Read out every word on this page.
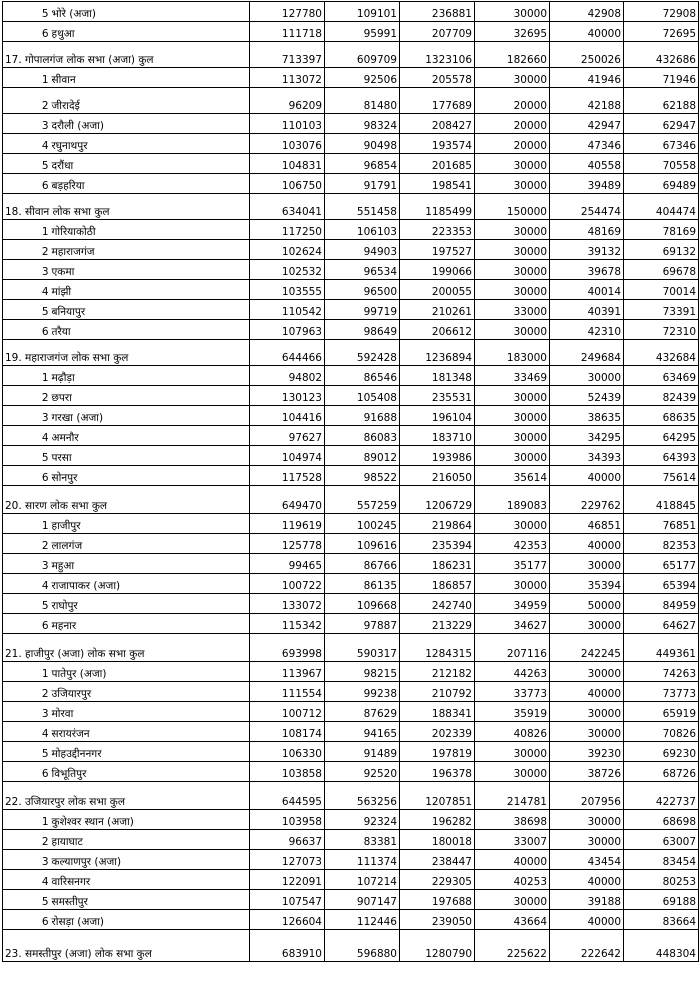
5	भोरे (अजा)	127780	109101	236881	30000	42908	72908
6	हथुआ	111718	95991	207709	32695	40000	72695
17. गोपालगंज लोक सभा (अजा) कुल		713397	609709	1323106	182660	250026	432686
1	सीवान	113072	92506	205578	30000	41946	71946
2	जीरादेई	96209	81480	177689	20000	42188	62188
3	दरौली (अजा)	110103	98324	208427	20000	42947	62947
4	रघुनाथपुर	103076	90498	193574	20000	47346	67346
5	दरौंधा	104831	96854	201685	30000	40558	70558
6	बड़हरिया	106750	91791	198541	30000	39489	69489
18. सीवान लोक सभा कुल		634041	551458	1185499	150000	254474	404474
1	गोरियाकोठी	117250	106103	223353	30000	48169	78169
2	महाराजगंज	102624	94903	197527	30000	39132	69132
3	एकमा	102532	96534	199066	30000	39678	69678
4	मांझी	103555	96500	200055	30000	40014	70014
5	बनियापुर	110542	99719	210261	33000	40391	73391
6	तरैया	107963	98649	206612	30000	42310	72310
19. महाराजगंज लोक सभा कुल		644466	592428	1236894	183000	249684	432684
1	मढ़ौड़ा	94802	86546	181348	33469	30000	63469
2	छपरा	130123	105408	235531	30000	52439	82439
3	गरखा (अजा)	104416	91688	196104	30000	38635	68635
4	अमनौर	97627	86083	183710	30000	34295	64295
5	परसा	104974	89012	193986	30000	34393	64393
6	सोनपुर	117528	98522	216050	35614	40000	75614
20. सारण लोक सभा कुल		649470	557259	1206729	189083	229762	418845
1	हाजीपुर	119619	100245	219864	30000	46851	76851
2	लालगंज	125778	109616	235394	42353	40000	82353
3	महुआ	99465	86766	186231	35177	30000	65177
4	राजापाकर (अजा)	100722	86135	186857	30000	35394	65394
5	राघोपुर	133072	109668	242740	34959	50000	84959
6	महनार	115342	97887	213229	34627	30000	64627
21. हाजीपुर (अजा) लोक सभा कुल		693998	590317	1284315	207116	242245	449361
1	पातेपुर (अजा)	113967	98215	212182	44263	30000	74263
2	उजियारपुर	111554	99238	210792	33773	40000	73773
3	मोरवा	100712	87629	188341	35919	30000	65919
4	सरायरंजन	108174	94165	202339	40826	30000	70826
5	मोहउद्दीननगर	106330	91489	197819	30000	39230	69230
6	विभूतिपुर	103858	92520	196378	30000	38726	68726
22. उजियारपुर लोक सभा कुल		644595	563256	1207851	214781	207956	422737
1	कुशेश्वर स्थान (अजा)	103958	92324	196282	38698	30000	68698
2	हायाघाट	96637	83381	180018	33007	30000	63007
3	कल्याणपुर (अजा)	127073	111374	238447	40000	43454	83454
4	वारिसनगर	122091	107214	229305	40253	40000	80253
5	समस्तीपुर	107547	907147	197688	30000	39188	69188
6	रोसड़ा (अजा)	126604	112446	239050	43664	40000	83664
23. समस्तीपुर (अजा) लोक सभा कुल		683910	596880	1280790	225622	222642	448304
